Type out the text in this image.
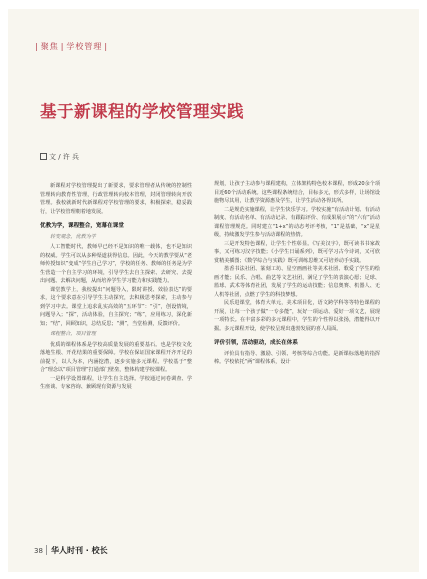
| 聚焦 | 学校管理 |
基于新课程的学校管理实践
文 / 许 兵

新课程对学校管理提出了新要求，要求管理者从传统的控制性管理转向教育性管理，行政管理转向校本管理，封闭管理转向开放管理。我校就新时代新课程对学校管理的要求，积极探索，稳妥践行，让学校管理朝着地发展。

优教为学，课程整合，宽幕在课堂

转变观念，优教为学

人工智能时代，教师早已经不是知识的唯一载体，也不是知识的权威。学生可以从多种渠道获得信息。因此，今天的教学要从“老师传授知识”变成“学生自己学习”，学校的任务、教师的任务是为学生营造一个自主学习的环境，引导学生去自主探索、去研究、去提出问题、去解决问题，从而培养学生学习能力和实践能力。

课堂教学上，我校提出“问题导入，限时讲授、效验表达”的要求，这个要求意在引导学生主动探究，去积极思考探索，主动参与到学习中去。课堂上追求乱实高效的“五环节”：“引”，创设情境，问题导入；“探”，活动体验，自主探究；“练”，应用练习，深化新知；“结”，回顾知识，总结反思；“测”，当堂检测，反馈评价。

课程整合，项目管理

优质的课程体系是学校高质量发展的重要基石。也是学校文化落地生根、开花结果的重要保障。学校在保证国家课程开齐开足的前提下，以人为本，内涵挖潜，逐步实施多元课程。学校基于“整合”理念以“项目管理”打通部门壁垒，整体构建学校课程。

一是科学设置课程，让学生自主选择。学校通过问卷调查、学生座谈、专家咨询、兼顾现有资源与发展

规划，让孩子主动参与课程建构，立体架构特色校本课程，形成20余个项目近60个活动系统。这些课程条统结合，目标多元，形式多样，让场馆设施物尽其用，让教学资源惠及学生，让学生活动各得其所。

二是规范实施课程，让学生快乐学习。学校实施“有活动计划、有活动制度、有活动名单、有活动记录、有跟踪评价、有成果展示”的“六有”活动课程管理规范。同时建立“1+x”的动态考评考核，“1”是基础，“x”是星级，持续激发学生参与活动课程的热情。

三是开发特色课程，让学生个性彰显。《写美汉字》，既可读书书家故事，又可练习汉字技能；《小学生日诵系列》，既可学习古今诗词，又可欣赏精美插图；《数学综合与实践》既可训练思维又可培养动手实践。

墨香书法社团、篆刻工坊、星空画画社等美术社团、歌爱了学生的绘画才能；民乐、合唱、曲艺等文艺社团，满足了学生的表演心愿；足球、篮球、武术等体育社团，发展了学生的运动技能；信息奥赛、机器人、无人机等社团，点燃了学生的科技梦想。

民乐进课堂，体育大单元，美术项目化，语文跨学科等等特色课程的开展，让每一个孩子做“一专多能”，玩好一项运动、爱好一项文艺，展现一项特长。在丰富多彩的多元课程中，学生的个性得以张扬，潜能得以开掘。多元课程开设，使学校呈现出蓬勃发展的喜人局面。

评价引领，活动驱动，成长在体系

评价具有指导、激励、引领、考核等综合功能。是新课标落地的指挥棒。学校依托“两”课程体系，设计

38 华人时刊 · 校长
